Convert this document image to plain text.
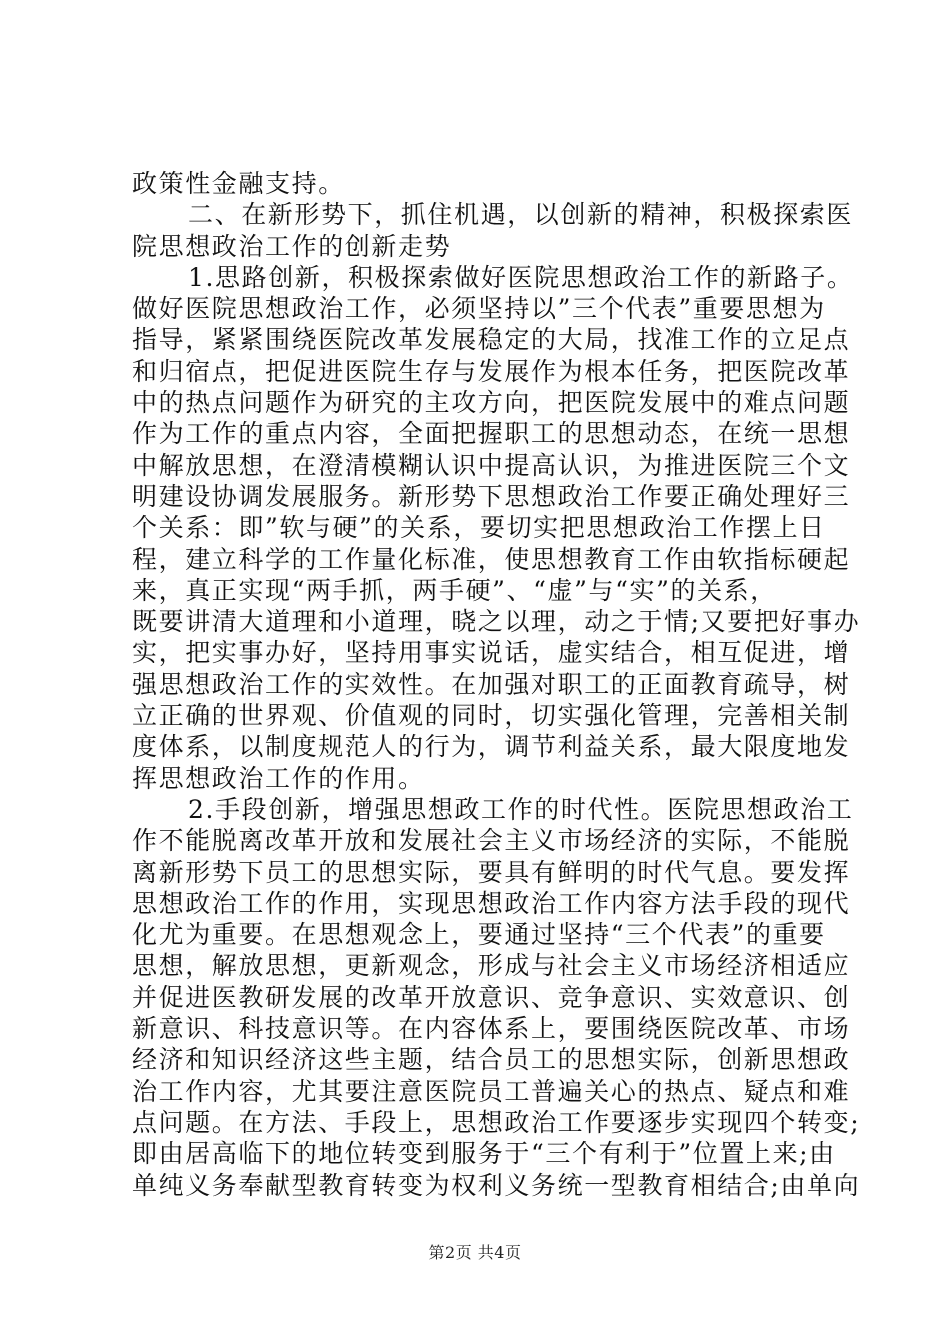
政策性金融支持。
二、在新形势下，抓住机遇，以创新的精神，积极探索医
院思想政治工作的创新走势
1.思路创新，积极探索做好医院思想政治工作的新路子。
做好医院思想政治工作，必须坚持以”三个代表”重要思想为
指导，紧紧围绕医院改革发展稳定的大局，找准工作的立足点
和归宿点，把促进医院生存与发展作为根本任务，把医院改革
中的热点问题作为研究的主攻方向，把医院发展中的难点问题
作为工作的重点内容，全面把握职工的思想动态，在统一思想
中解放思想，在澄清模糊认识中提高认识，为推进医院三个文
明建设协调发展服务。新形势下思想政治工作要正确处理好三
个关系：即”软与硬”的关系，要切实把思想政治工作摆上日
程，建立科学的工作量化标准，使思想教育工作由软指标硬起
来，真正实现“两手抓，两手硬”、“虚”与“实”的关系，
既要讲清大道理和小道理，晓之以理，动之于情;又要把好事办
实，把实事办好，坚持用事实说话，虚实结合，相互促进，增
强思想政治工作的实效性。在加强对职工的正面教育疏导，树
立正确的世界观、价值观的同时，切实强化管理，完善相关制
度体系，以制度规范人的行为，调节利益关系，最大限度地发
挥思想政治工作的作用。
2.手段创新，增强思想政工作的时代性。医院思想政治工
作不能脱离改革开放和发展社会主义市场经济的实际，不能脱
离新形势下员工的思想实际，要具有鲜明的时代气息。要发挥
思想政治工作的作用，实现思想政治工作内容方法手段的现代
化尤为重要。在思想观念上，要通过坚持“三个代表”的重要
思想，解放思想，更新观念，形成与社会主义市场经济相适应
并促进医教研发展的改革开放意识、竞争意识、实效意识、创
新意识、科技意识等。在内容体系上，要围绕医院改革、市场
经济和知识经济这些主题，结合员工的思想实际，创新思想政
治工作内容，尤其要注意医院员工普遍关心的热点、疑点和难
点问题。在方法、手段上，思想政治工作要逐步实现四个转变;
即由居高临下的地位转变到服务于“三个有利于”位置上来;由
单纯义务奉献型教育转变为权利义务统一型教育相结合;由单向
第2页 共4页
